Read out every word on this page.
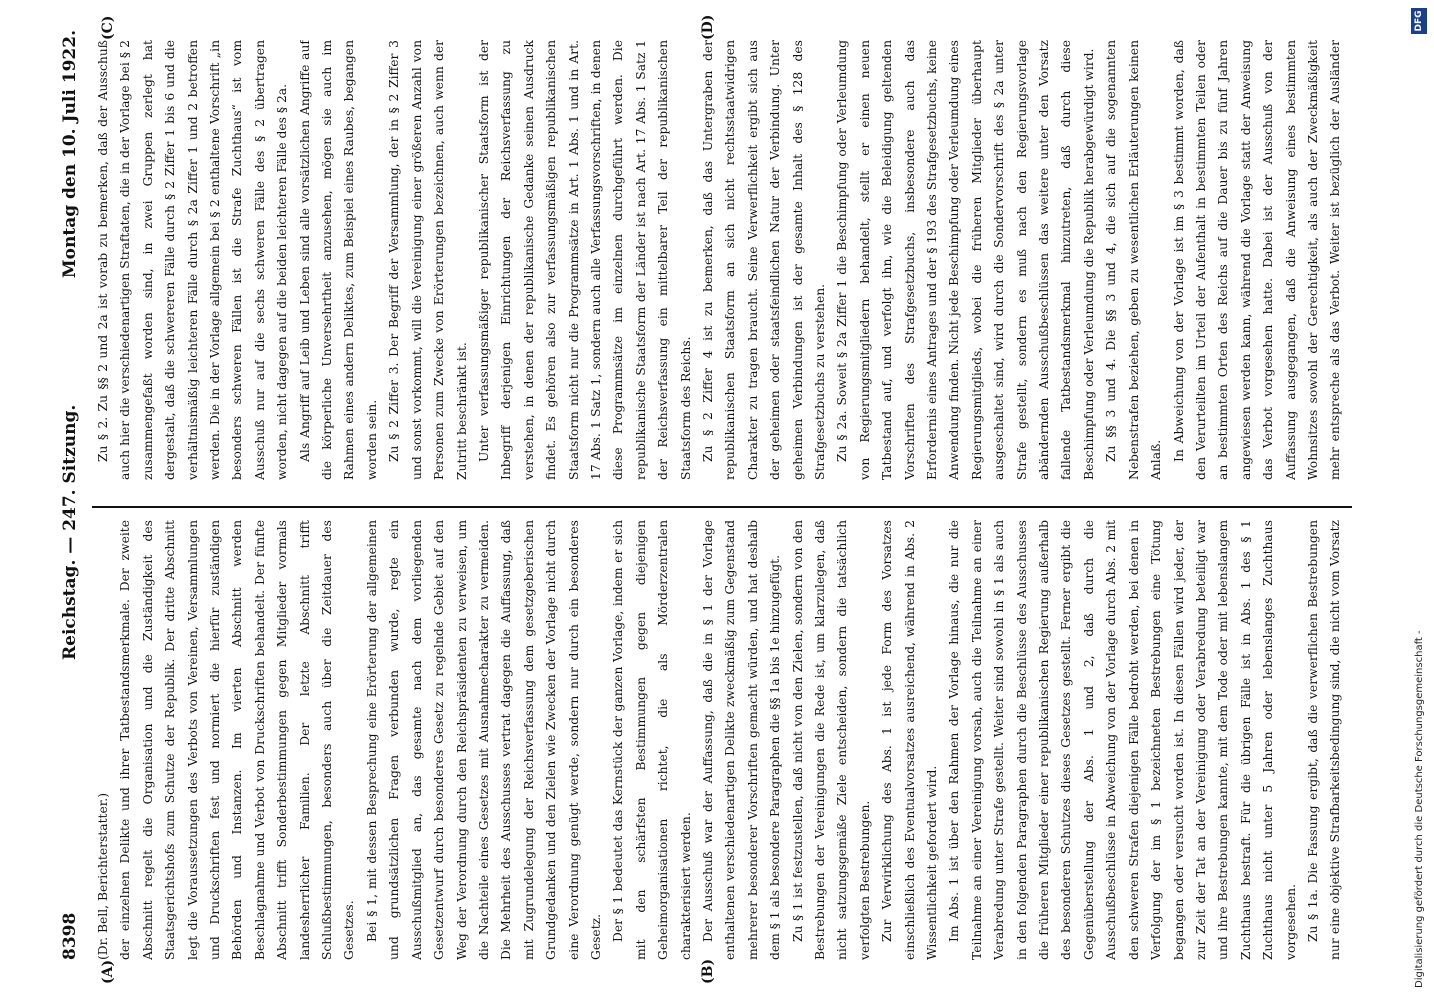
8398
Reichstag. — 247. Sitzung.
Montag den 10. Juli 1922.
(A)	(B)
(C)	(D)

(Dr. Bell, Berichterstatter.) der einzelnen Delikte und ihrer Tatbestandsmerkmale. Der zweite Abschnitt regelt die Organisation und die Zuständigkeit des Staatsgerichtshofs zum Schutze der Republik. Der dritte Abschnitt legt die Voraussetzungen des Verbots von Vereinen, Versammlungen und Druckschriften fest und normiert die hierfür zuständigen Behörden und Instanzen. Im vierten Abschnitt werden Beschlagnahme und Verbot von Druckschriften behandelt. Der fünfte Abschnitt trifft Sonderbestimmungen gegen Mitglieder vormals landesherrlicher Familien. Der letzte Abschnitt trifft Schlußbestimmungen, besonders auch über die Zeitdauer des Gesetzes. Bei § 1, mit dessen Besprechung eine Erörterung der allgemeinen und grundsätzlichen Fragen verbunden wurde, regte ein Ausschußmitglied an, das gesamte nach dem vorliegenden Gesetzentwurf durch besonderes Gesetz zu regelnde Gebiet auf den Weg der Verordnung durch den Reichspräsidenten zu verweisen, um die Nachteile eines Gesetzes mit Ausnahmecharakter zu vermeiden. Die Mehrheit des Ausschusses vertrat dagegen die Auffassung, daß mit Zugrundelegung der Reichsverfassung dem gesetzgeberischen Grundgedanken und den Zielen wie Zwecken der Vorlage nicht durch eine Verordnung genügt werde, sondern nur durch ein besonderes Gesetz. Der § 1 bedeutet das Kernstück der ganzen Vorlage, indem er sich mit den schärfsten Bestimmungen gegen diejenigen Geheimorganisationen richtet, die als Mörderzentralen charakterisiert werden. Der Ausschuß war der Auffassung, daß die in § 1 der Vorlage enthaltenen verschiedenartigen Delikte zweckmäßig zum Gegenstand mehrerer besonderer Vorschriften gemacht würden, und hat deshalb dem § 1 als besondere Paragraphen die §§ 1a bis 1e hinzugefügt. Zu § 1 ist festzustellen, daß nicht von den Zielen, sondern von den Bestrebungen der Vereinigungen die Rede ist, um klarzulegen, daß nicht satzungsgemäße Ziele entscheiden, sondern die tatsächlich verfolgten Bestrebungen. Zur Verwirklichung des Abs. 1 ist jede Form des Vorsatzes einschließlich des Eventualvorsatzes ausreichend, während in Abs. 2 Wissentlichkeit gefordert wird. Im Abs. 1 ist über den Rahmen der Vorlage hinaus, die nur die Teilnahme an einer Vereinigung vorsah, auch die Teilnahme an einer Verabredung unter Strafe gestellt. Weiter sind sowohl in § 1 als auch in den folgenden Paragraphen durch die Beschlüsse des Ausschusses die früheren Mitglieder einer republikanischen Regierung außerhalb des besonderen Schutzes dieses Gesetzes gestellt. Ferner ergibt die Gegenüberstellung der Abs. 1 und 2, daß durch die Ausschußbeschlüsse in Abweichung von der Vorlage durch Abs. 2 mit den schweren Strafen diejenigen Fälle bedroht werden, bei denen in Verfolgung der im § 1 bezeichneten Bestrebungen eine Tötung begangen oder versucht worden ist. In diesen Fällen wird jeder, der zur Zeit der Tat an der Vereinigung oder Verabredung beteiligt war und ihre Bestrebungen kannte, mit dem Tode oder mit lebenslangem Zuchthaus bestraft. Für die übrigen Fälle ist in Abs. 1 des § 1 Zuchthaus nicht unter 5 Jahren oder lebenslanges Zuchthaus vorgesehen. Zu § 1a. Die Fassung ergibt, daß die verwerflichen Bestrebungen nur eine objektive Strafbarkeitsbedingung sind, die nicht vom Vorsatz

Zu § 2. Zu §§ 2 und 2a ist vorab zu bemerken, daß der Ausschuß auch hier die verschiedenartigen Straftaten, die in der Vorlage bei § 2 zusammengefaßt worden sind, in zwei Gruppen zerlegt hat dergestalt, daß die schwereren Fälle durch § 2 Ziffer 1 bis 6 und die verhältnismäßig leichteren Fälle durch § 2a Ziffer 1 und 2 betroffen werden. Die in der Vorlage allgemein bei § 2 enthaltene Vorschrift „in besonders schweren Fällen ist die Strafe Zuchthaus“ ist vom Ausschuß nur auf die sechs schweren Fälle des § 2 übertragen worden, nicht dagegen auf die beiden leichteren Fälle des § 2a. Als Angriff auf Leib und Leben sind alle vorsätzlichen Angriffe auf die körperliche Unversehrtheit anzusehen, mögen sie auch im Rahmen eines andern Deliktes, zum Beispiel eines Raubes, begangen worden sein. Zu § 2 Ziffer 3. Der Begriff der Versammlung, der in § 2 Ziffer 3 und sonst vorkommt, will die Vereinigung einer größeren Anzahl von Personen zum Zwecke von Erörterungen bezeichnen, auch wenn der Zutritt beschränkt ist. Unter verfassungsmäßiger republikanischer Staatsform ist der Inbegriff derjenigen Einrichtungen der Reichsverfassung zu verstehen, in denen der republikanische Gedanke seinen Ausdruck findet. Es gehören also zur verfassungsmäßigen republikanischen Staatsform nicht nur die Programmsätze in Art. 1 Abs. 1 und in Art. 17 Abs. 1 Satz 1, sondern auch alle Verfassungsvorschriften, in denen diese Programmsätze im einzelnen durchgeführt werden. Die republikanische Staatsform der Länder ist nach Art. 17 Abs. 1 Satz 1 der Reichsverfassung ein mittelbarer Teil der republikanischen Staatsform des Reichs. Zu § 2 Ziffer 4 ist zu bemerken, daß das Untergraben der republikanischen Staatsform an sich nicht rechtsstaatwidrigen Charakter zu tragen braucht. Seine Verwerflichkeit ergibt sich aus der geheimen oder staatsfeindlichen Natur der Verbindung. Unter geheimen Verbindungen ist der gesamte Inhalt des § 128 des Strafgesetzbuchs zu verstehen. Zu § 2a. Soweit § 2a Ziffer 1 die Beschimpfung oder Verleumdung von Regierungsmitgliedern behandelt, stellt er einen neuen Tatbestand auf, und verfolgt ihn, wie die Beleidigung geltenden Vorschriften des Strafgesetzbuchs, insbesondere auch das Erfordernis eines Antrages und der § 193 des Strafgesetzbuchs, keine Anwendung finden. Nicht jede Beschimpfung oder Verleumdung eines Regierungsmitglieds, wobei die früheren Mitglieder überhaupt ausgeschaltet sind, wird durch die Sondervorschrift des § 2a unter Strafe gestellt, sondern es muß nach den Regierungsvorlage abändernden Ausschußbeschlüssen das weitere unter den Vorsatz fallende Tatbestandsmerkmal hinzutreten, daß durch diese Beschimpfung oder Verleumdung die Republik herabgewürdigt wird. Zu §§ 3 und 4. Die §§ 3 und 4, die sich auf die sogenannten Nebenstrafen beziehen, geben zu wesentlichen Erläuterungen keinen Anlaß. In Abweichung von der Vorlage ist im § 3 bestimmt worden, daß den Verurteilten im Urteil der Aufenthalt in bestimmten Teilen oder an bestimmten Orten des Reichs auf die Dauer bis zu fünf Jahren angewiesen werden kann, während die Vorlage statt der Anweisung das Verbot vorgesehen hatte. Dabei ist der Ausschuß von der Auffassung ausgegangen, daß die Anweisung eines bestimmten Wohnsitzes sowohl der Gerechtigkeit, als auch der Zweckmäßigkeit mehr entspreche als das Verbot. Weiter ist bezüglich der Ausländer

Digitalisierung gefördert durch die Deutsche Forschungsgemeinschaft -
DFG
